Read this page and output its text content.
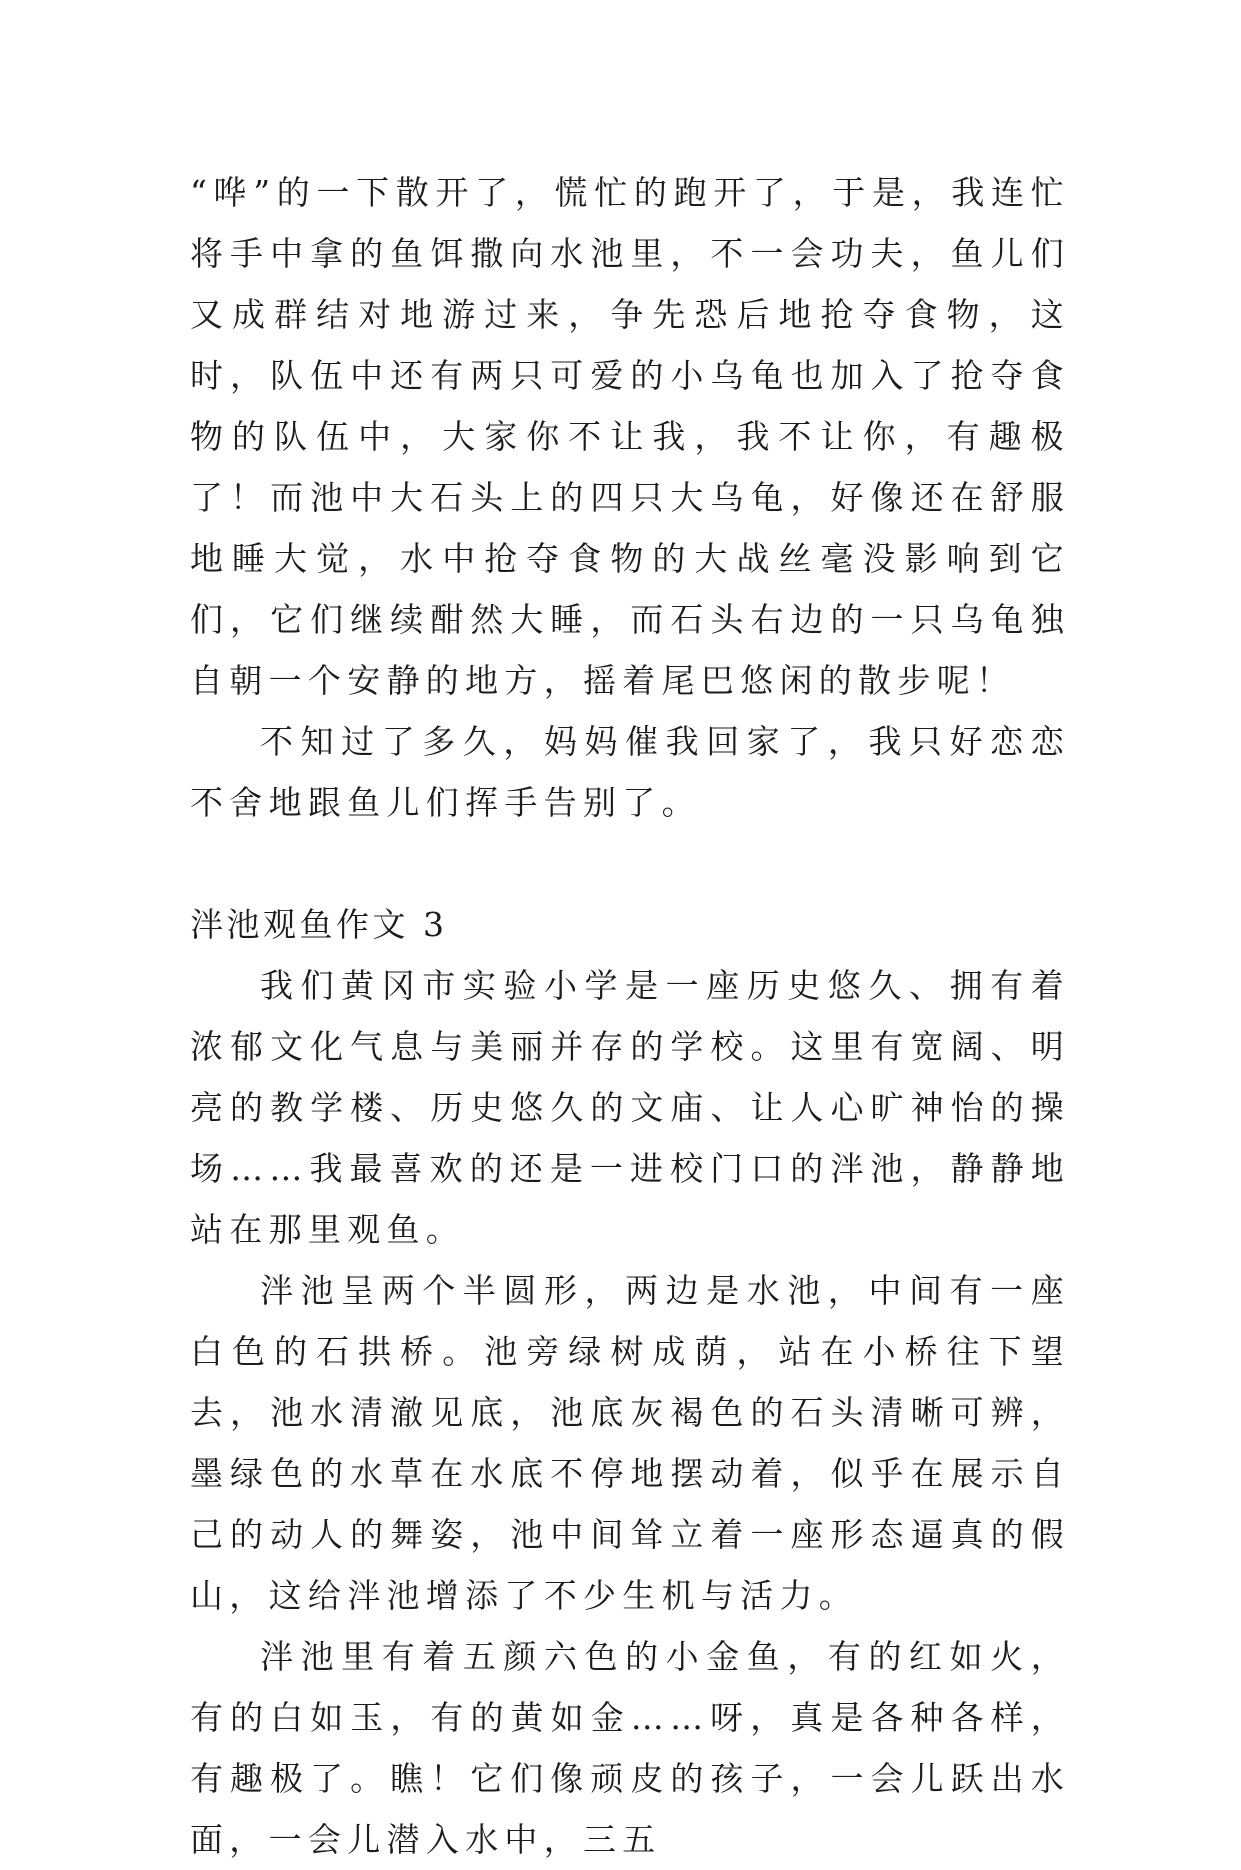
“哗”的一下散开了，慌忙的跑开了，于是，我连忙将手中拿的鱼饵撒向水池里，不一会功夫，鱼儿们又成群结对地游过来，争先恐后地抢夺食物，这时，队伍中还有两只可爱的小乌龟也加入了抢夺食物的队伍中，大家你不让我，我不让你，有趣极了！而池中大石头上的四只大乌龟，好像还在舒服地睡大觉，水中抢夺食物的大战丝毫没影响到它们，它们继续酣然大睡，而石头右边的一只乌龟独自朝一个安静的地方，摇着尾巴悠闲的散步呢！

不知过了多久，妈妈催我回家了，我只好恋恋不舍地跟鱼儿们挥手告别了。

泮池观鱼作文 3

我们黄冈市实验小学是一座历史悠久、拥有着浓郁文化气息与美丽并存的学校。这里有宽阔、明亮的教学楼、历史悠久的文庙、让人心旷神怡的操场……我最喜欢的还是一进校门口的泮池，静静地站在那里观鱼。

泮池呈两个半圆形，两边是水池，中间有一座白色的石拱桥。池旁绿树成荫，站在小桥往下望去，池水清澈见底，池底灰褐色的石头清晰可辨，墨绿色的水草在水底不停地摆动着，似乎在展示自己的动人的舞姿，池中间耸立着一座形态逼真的假山，这给泮池增添了不少生机与活力。

泮池里有着五颜六色的小金鱼，有的红如火，有的白如玉，有的黄如金……呀，真是各种各样，有趣极了。瞧！它们像顽皮的孩子，一会儿跃出水面，一会儿潜入水中，三五
